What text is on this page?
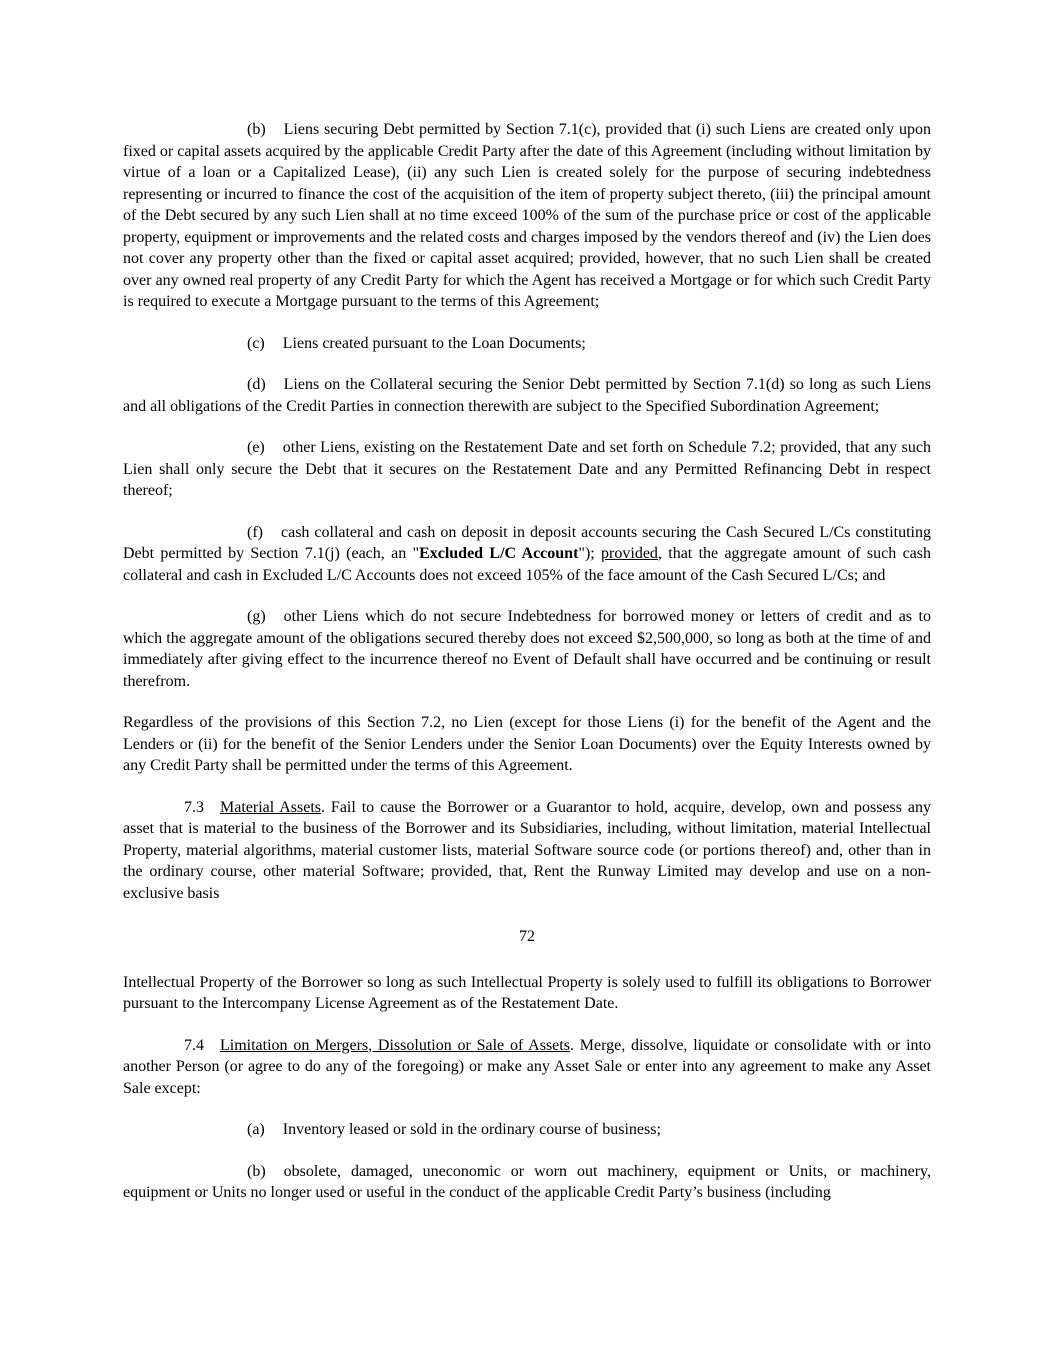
(b) Liens securing Debt permitted by Section 7.1(c), provided that (i) such Liens are created only upon fixed or capital assets acquired by the applicable Credit Party after the date of this Agreement (including without limitation by virtue of a loan or a Capitalized Lease), (ii) any such Lien is created solely for the purpose of securing indebtedness representing or incurred to finance the cost of the acquisition of the item of property subject thereto, (iii) the principal amount of the Debt secured by any such Lien shall at no time exceed 100% of the sum of the purchase price or cost of the applicable property, equipment or improvements and the related costs and charges imposed by the vendors thereof and (iv) the Lien does not cover any property other than the fixed or capital asset acquired; provided, however, that no such Lien shall be created over any owned real property of any Credit Party for which the Agent has received a Mortgage or for which such Credit Party is required to execute a Mortgage pursuant to the terms of this Agreement;

(c) Liens created pursuant to the Loan Documents;

(d) Liens on the Collateral securing the Senior Debt permitted by Section 7.1(d) so long as such Liens and all obligations of the Credit Parties in connection therewith are subject to the Specified Subordination Agreement;

(e) other Liens, existing on the Restatement Date and set forth on Schedule 7.2; provided, that any such Lien shall only secure the Debt that it secures on the Restatement Date and any Permitted Refinancing Debt in respect thereof;

(f) cash collateral and cash on deposit in deposit accounts securing the Cash Secured L/Cs constituting Debt permitted by Section 7.1(j) (each, an "Excluded L/C Account"); provided, that the aggregate amount of such cash collateral and cash in Excluded L/C Accounts does not exceed 105% of the face amount of the Cash Secured L/Cs; and

(g) other Liens which do not secure Indebtedness for borrowed money or letters of credit and as to which the aggregate amount of the obligations secured thereby does not exceed $2,500,000, so long as both at the time of and immediately after giving effect to the incurrence thereof no Event of Default shall have occurred and be continuing or result therefrom.

Regardless of the provisions of this Section 7.2, no Lien (except for those Liens (i) for the benefit of the Agent and the Lenders or (ii) for the benefit of the Senior Lenders under the Senior Loan Documents) over the Equity Interests owned by any Credit Party shall be permitted under the terms of this Agreement.

7.3 Material Assets. Fail to cause the Borrower or a Guarantor to hold, acquire, develop, own and possess any asset that is material to the business of the Borrower and its Subsidiaries, including, without limitation, material Intellectual Property, material algorithms, material customer lists, material Software source code (or portions thereof) and, other than in the ordinary course, other material Software; provided, that, Rent the Runway Limited may develop and use on a non-exclusive basis

72

Intellectual Property of the Borrower so long as such Intellectual Property is solely used to fulfill its obligations to Borrower pursuant to the Intercompany License Agreement as of the Restatement Date.

7.4 Limitation on Mergers, Dissolution or Sale of Assets. Merge, dissolve, liquidate or consolidate with or into another Person (or agree to do any of the foregoing) or make any Asset Sale or enter into any agreement to make any Asset Sale except:

(a) Inventory leased or sold in the ordinary course of business;

(b) obsolete, damaged, uneconomic or worn out machinery, equipment or Units, or machinery, equipment or Units no longer used or useful in the conduct of the applicable Credit Party’s business (including
